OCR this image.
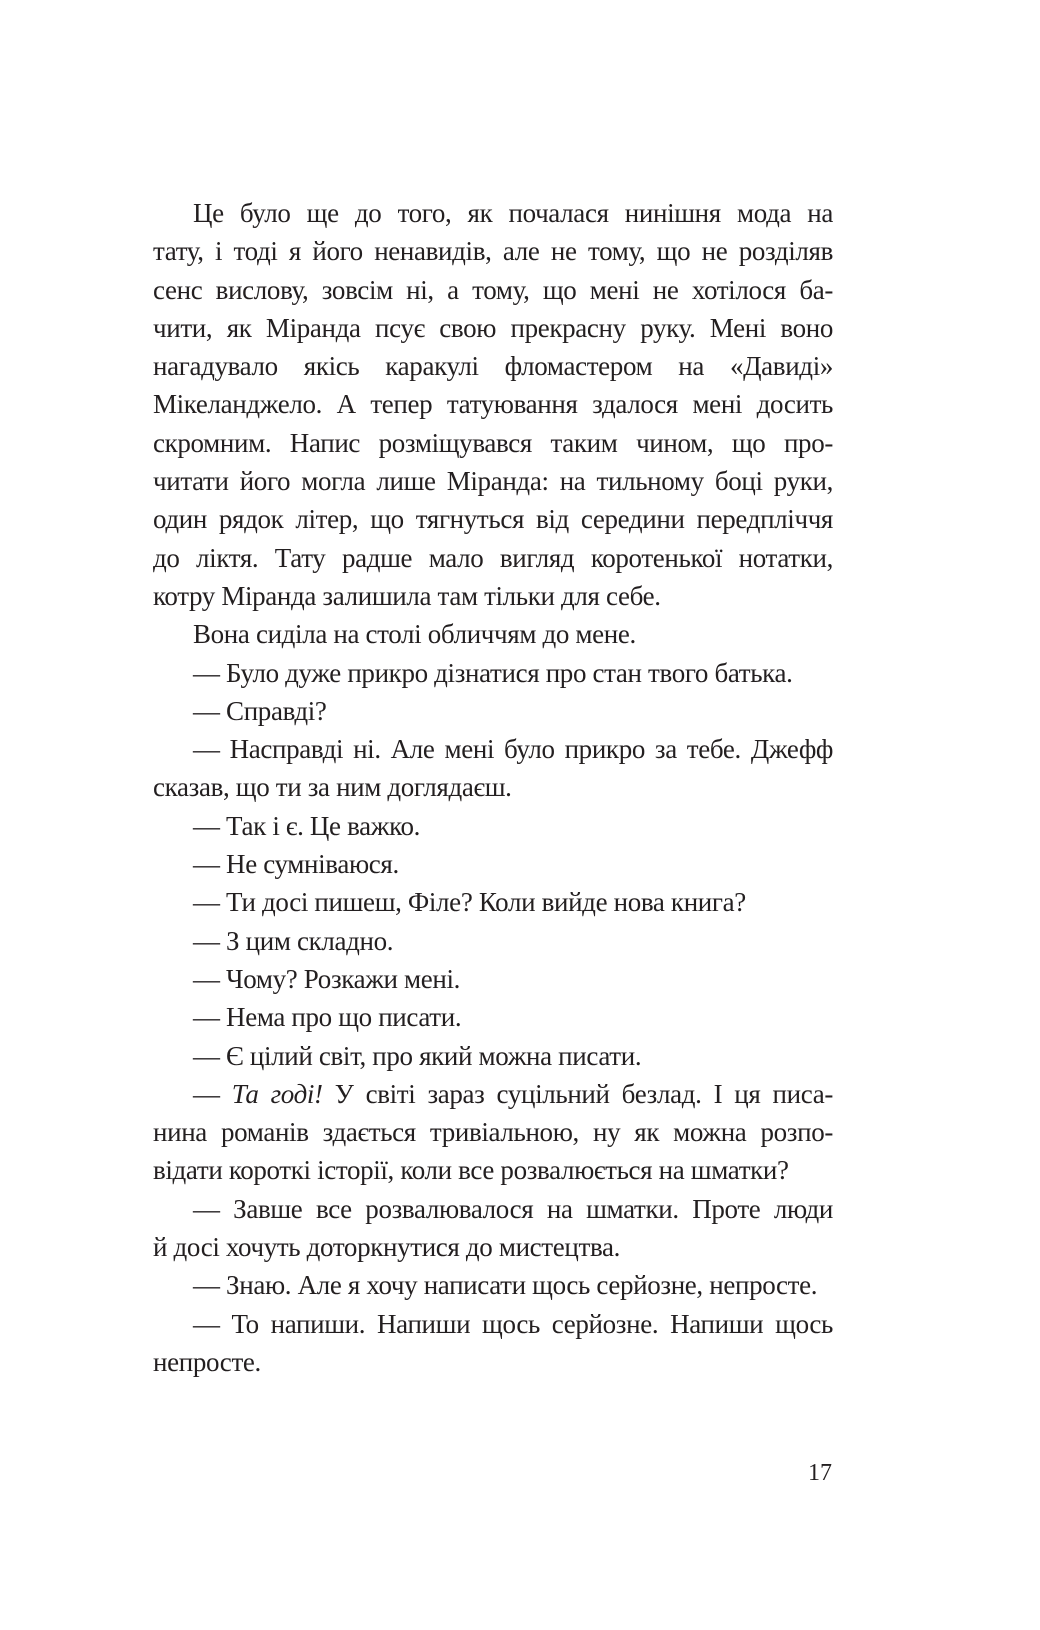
Це було ще до того, як почалася нинішня мода на
тату, і тоді я його ненавидів, але не тому, що не розділяв
сенс вислову, зовсім ні, а тому, що мені не хотілося ба-
чити, як Міранда псує свою прекрасну руку. Мені воно
нагадувало якісь каракулі фломастером на «Давиді»
Мікеланджело. А тепер татуювання здалося мені досить
скромним. Напис розміщувався таким чином, що про-
читати його могла лише Міранда: на тильному боці руки,
один рядок літер, що тягнуться від середини передпліччя
до ліктя. Тату радше мало вигляд коротенької нотатки,
котру Міранда залишила там тільки для себе.
Вона сиділа на столі обличчям до мене.
— Було дуже прикро дізнатися про стан твого батька.
— Справді?
— Насправді ні. Але мені було прикро за тебе. Джефф
сказав, що ти за ним доглядаєш.
— Так і є. Це важко.
— Не сумніваюся.
— Ти досі пишеш, Філе? Коли вийде нова книга?
— З цим складно.
— Чому? Розкажи мені.
— Нема про що писати.
— Є цілий світ, про який можна писати.
— Та годі! У світі зараз суцільний безлад. І ця писа-
нина романів здається тривіальною, ну як можна розпо-
відати короткі історії, коли все розвалюється на шматки?
— Завше все розвалювалося на шматки. Проте люди
й досі хочуть доторкнутися до мистецтва.
— Знаю. Але я хочу написати щось серйозне, непросте.
— То напиши. Напиши щось серйозне. Напиши щось
непросте.
17
